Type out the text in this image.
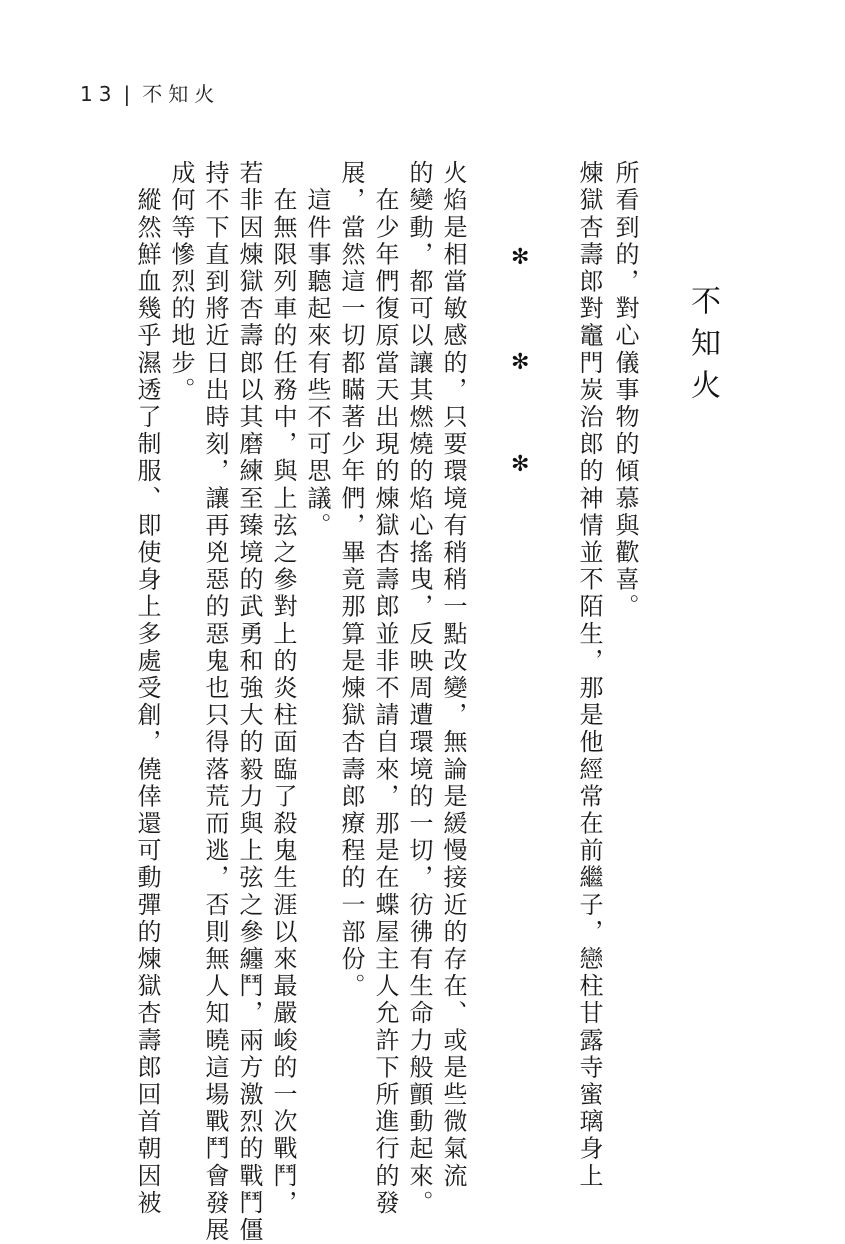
13 | 不知火
所看到的，對心儀事物的傾慕與歡喜。
煉獄杏壽郎對竈門炭治郎的神情並不陌生，那是他經常在前繼子，戀柱甘露寺蜜璃身上	不知火
✻
✻
✻
火焰是相當敏感的，只要環境有稍稍一點改變，無論是緩慢接近的存在、或是些微氣流
的變動，都可以讓其燃燒的焰心搖曳，反映周遭環境的一切，彷彿有生命力般顫動起來。
　在少年們復原當天出現的煉獄杏壽郎並非不請自來，那是在蝶屋主人允許下所進行的發
展，當然這一切都瞞著少年們，畢竟那算是煉獄杏壽郎療程的一部份。
　這件事聽起來有些不可思議。
　在無限列車的任務中，與上弦之參對上的炎柱面臨了殺鬼生涯以來最嚴峻的一次戰鬥，
若非因煉獄杏壽郎以其磨練至臻境的武勇和強大的毅力與上弦之參纏鬥，兩方激烈的戰鬥僵
持不下直到將近日出時刻，讓再兇惡的惡鬼也只得落荒而逃，否則無人知曉這場戰鬥會發展
成何等慘烈的地步。
　縱然鮮血幾乎濕透了制服、即使身上多處受創，僥倖還可動彈的煉獄杏壽郎回首朝因被
